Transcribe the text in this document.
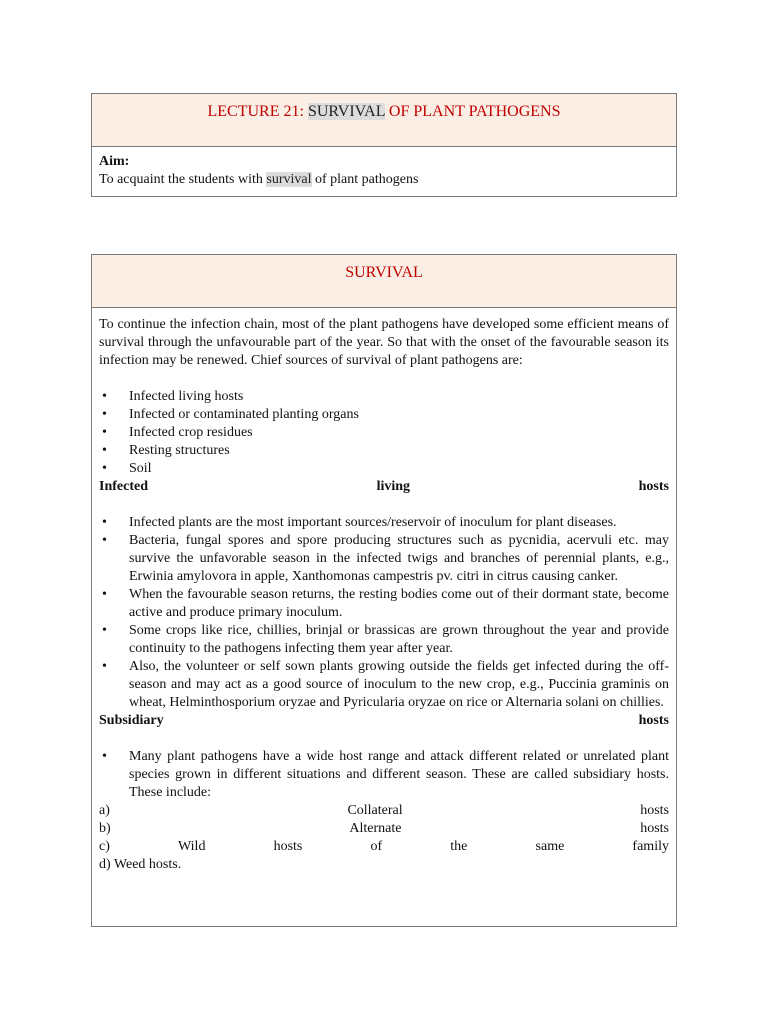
LECTURE 21: SURVIVAL OF PLANT PATHOGENS
Aim:
To acquaint the students with survival of plant pathogens
SURVIVAL

To continue the infection chain, most of the plant pathogens have developed some efficient means of survival through the unfavourable part of the year. So that with the onset of the favourable season its infection may be renewed. Chief sources of survival of plant pathogens are:

• Infected living hosts
• Infected or contaminated planting organs
• Infected crop residues
• Resting structures
• Soil
Infected	living	hosts
• Infected plants are the most important sources/reservoir of inoculum for plant diseases.
• Bacteria, fungal spores and spore producing structures such as pycnidia, acervuli etc. may survive the unfavorable season in the infected twigs and branches of perennial plants, e.g., Erwinia amylovora in apple, Xanthomonas campestris pv. citri in citrus causing canker.
• When the favourable season returns, the resting bodies come out of their dormant state, become active and produce primary inoculum.
• Some crops like rice, chillies, brinjal or brassicas are grown throughout the year and provide continuity to the pathogens infecting them year after year.
• Also, the volunteer or self sown plants growing outside the fields get infected during the off-season and may act as a good source of inoculum to the new crop, e.g., Puccinia graminis on wheat, Helminthosporium oryzae and Pyricularia oryzae on rice or Alternaria solani on chillies.
Subsidiary	hosts
• Many plant pathogens have a wide host range and attack different related or unrelated plant species grown in different situations and different season. These are called subsidiary hosts. These include:
a)	Collateral	hosts
b)	Alternate	hosts
c)	Wild	hosts	of	the	same	family
d) Weed hosts.
